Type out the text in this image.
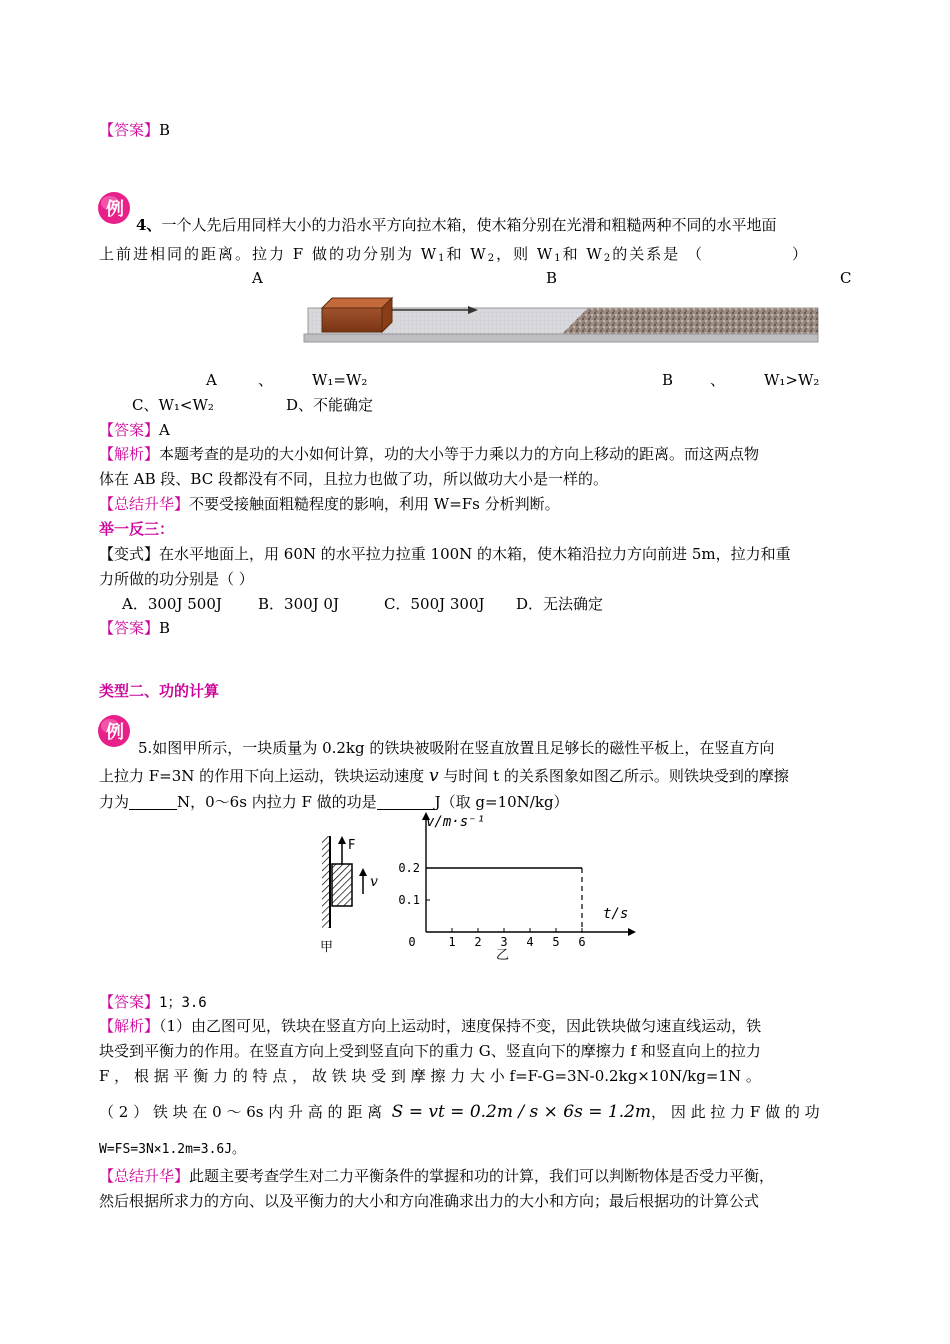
【答案】B
例
4、一个人先后用同样大小的力沿水平方向拉木箱，使木箱分别在光滑和粗糙两种不同的水平地面
上前进相同的距离。拉力 F 做的功分别为 $W_1$和 $W_2$，则 $W_1$和 $W_2$的关系是 （	）
A	B	C
A	、	W₁=W₂	B 、	W₁>W₂
C、W₁<W₂	D、不能确定
【答案】A
【解析】本题考查的是功的大小如何计算，功的大小等于力乘以力的方向上移动的距离。而这两点物
体在 AB 段、BC 段都没有不同，且拉力也做了功，所以做功大小是一样的。
【总结升华】不要受接触面粗糙程度的影响，利用 W=Fs 分析判断。
举一反三：
【变式】在水平地面上，用 60N 的水平拉力拉重 100N 的木箱，使木箱沿拉力方向前进 5m，拉力和重
力所做的功分别是（ ）
A．300J 500J B．300J 0J	C．500J 300J D．无法确定
【答案】B
类型二、功的计算
例
5.如图甲所示，一块质量为 0.2kg 的铁块被吸附在竖直放置且足够长的磁性平板上，在竖直方向
上拉力 F=3N 的作用下向上运动，铁块运动速度 v 与时间 t 的关系图象如图乙所示。则铁块受到的摩擦
力为	N，0～6s 内拉力 F 做的功是	J（取 g=10N/kg）
F
v
甲	0	1 2 3 4 5 6
0.1
0.2
v/m·s⁻¹
t/s
乙
【答案】1；3.6
【解析】（1）由乙图可见，铁块在竖直方向上运动时，速度保持不变，因此铁块做匀速直线运动，铁
块受到平衡力的作用。在竖直方向上受到竖直向下的重力 G、竖直向下的摩擦力 f 和竖直向上的拉力
F ， 根 据 平 衡 力 的 特 点 ， 故 铁 块 受 到 摩 擦 力 大 小 f=F-G=3N-0.2kg×10N/kg=1N 。
（ 2 ） 铁 块 在 0 ～ 6s 内 升 高 的 距 离 S = vt = 0.2m / s × 6s = 1.2m， 因 此 拉 力 F 做 的 功
W=FS=3N×1.2m=3.6J。
【总结升华】此题主要考查学生对二力平衡条件的掌握和功的计算，我们可以判断物体是否受力平衡，
然后根据所求力的方向、以及平衡力的大小和方向准确求出力的大小和方向；最后根据功的计算公式
